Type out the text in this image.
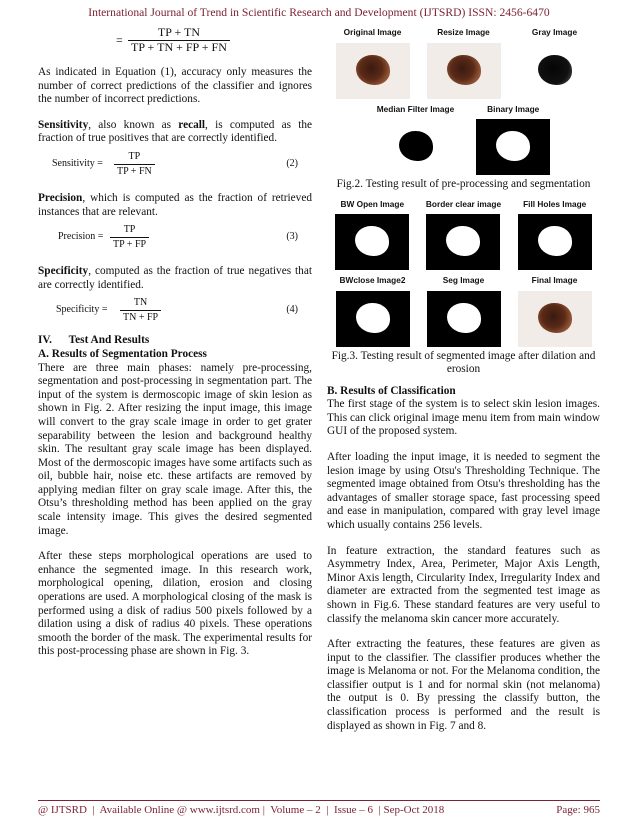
International Journal of Trend in Scientific Research and Development (IJTSRD) ISSN: 2456-6470
= $\frac{TP + TN}{TP + TN + FP + FN}$

As indicated in Equation (1), accuracy only measures the number of correct predictions of the classifier and ignores the number of incorrect predictions.

Sensitivity, also known as recall, is computed as the fraction of true positives that are correctly identified.

Sensitivity = $\frac{TP}{TP + FN}$	(2)

Precision, which is computed as the fraction of retrieved instances that are relevant.

Precision = $\frac{TP}{TP + FP}$	(3)

Specificity, computed as the fraction of true negatives that are correctly identified.

Specificity = $\frac{TN}{TN + FP}$	(4)
IV.      Test And Results
A. Results of Segmentation Process

There are three main phases: namely pre-processing, segmentation and post-processing in segmentation part. The input of the system is dermoscopic image of skin lesion as shown in Fig. 2. After resizing the input image, this image will convert to the gray scale image in order to get grater separability between the lesion and background healthy skin. The resultant gray scale image has been displayed. Most of the dermoscopic images have some artifacts such as oil, bubble hair, noise etc. these artifacts are removed by applying median filter on gray scale image. After this, the Otsu’s thresholding method has been applied on the gray scale intensity image. This gives the desired segmented image.

After these steps morphological operations are used to enhance the segmented image. In this research work, morphological opening, dilation, erosion and closing operations are used. A morphological closing of the mask is performed using a disk of radius 500 pixels followed by a dilation using a disk of radius 40 pixels. These operations smooth the border of the mask. The experimental results for this post-processing phase are shown in Fig. 3.

Original Image	Resize Image	Gray Image
Median Filter Image	Binary Image
Fig.2. Testing result of pre-processing and segmentation
BW Open Image	Border clear image	Fill Holes Image
BWclose Image2	Seg Image	Final Image
Fig.3. Testing result of segmented image after dilation and erosion
B. Results of Classification

The first stage of the system is to select skin lesion images. This can click original image menu item from main window GUI of the proposed system.

After loading the input image, it is needed to segment the lesion image by using Otsu's Thresholding Technique. The segmented image obtained from Otsu's thresholding has the advantages of smaller storage space, fast processing speed and ease in manipulation, compared with gray level image which usually contains 256 levels.

In feature extraction, the standard features such as Asymmetry Index, Area, Perimeter, Major Axis Length, Minor Axis length, Circularity Index, Irregularity Index and diameter are extracted from the segmented test image as shown in Fig.6. These standard features are very useful to classify the melanoma skin cancer more accurately.

After extracting the features, these features are given as input to the classifier. The classifier produces whether the image is Melanoma or not. For the Melanoma condition, the classifier output is 1 and for normal skin (not melanoma) the output is 0. By pressing the classify button, the classification process is performed and the result is displayed as shown in Fig. 7 and 8.

@ IJTSRD  |  Available Online @ www.ijtsrd.com |  Volume – 2  |  Issue – 6  | Sep-Oct 2018	Page: 965
